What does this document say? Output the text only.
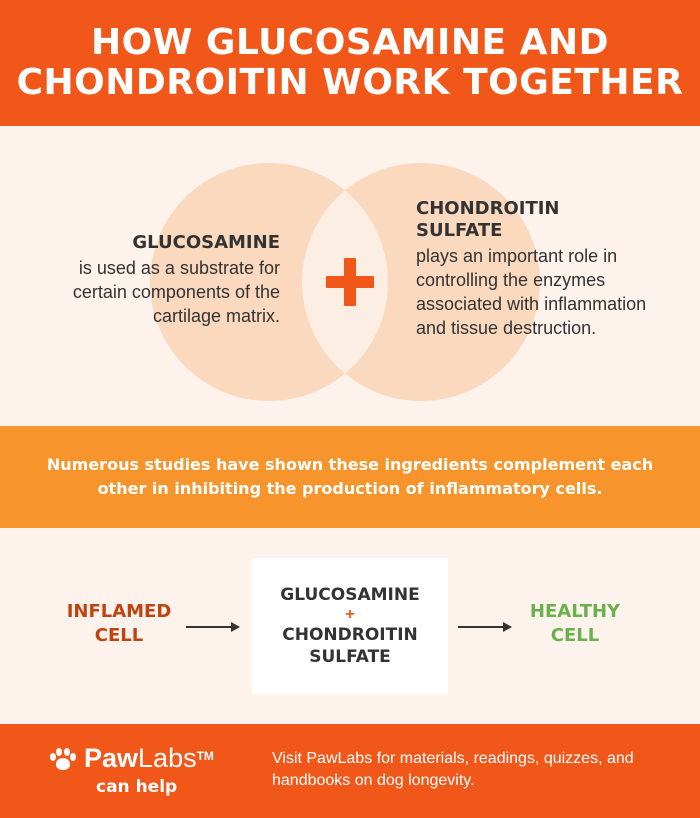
HOW GLUCOSAMINE AND
CHONDROITIN WORK TOGETHER
GLUCOSAMINE
is used as a substrate for certain components of the cartilage matrix.
CHONDROITIN SULFATE
plays an important role in controlling the enzymes associated with inflammation and tissue destruction.

Numerous studies have shown these ingredients complement each other in inhibiting the production of inflammatory cells.

INFLAMED
CELL
GLUCOSAMINE
+
CHONDROITIN
SULFATE
HEALTHY
CELL
PawLabs™
can help
Visit PawLabs for materials, readings, quizzes, and handbooks on dog longevity.
